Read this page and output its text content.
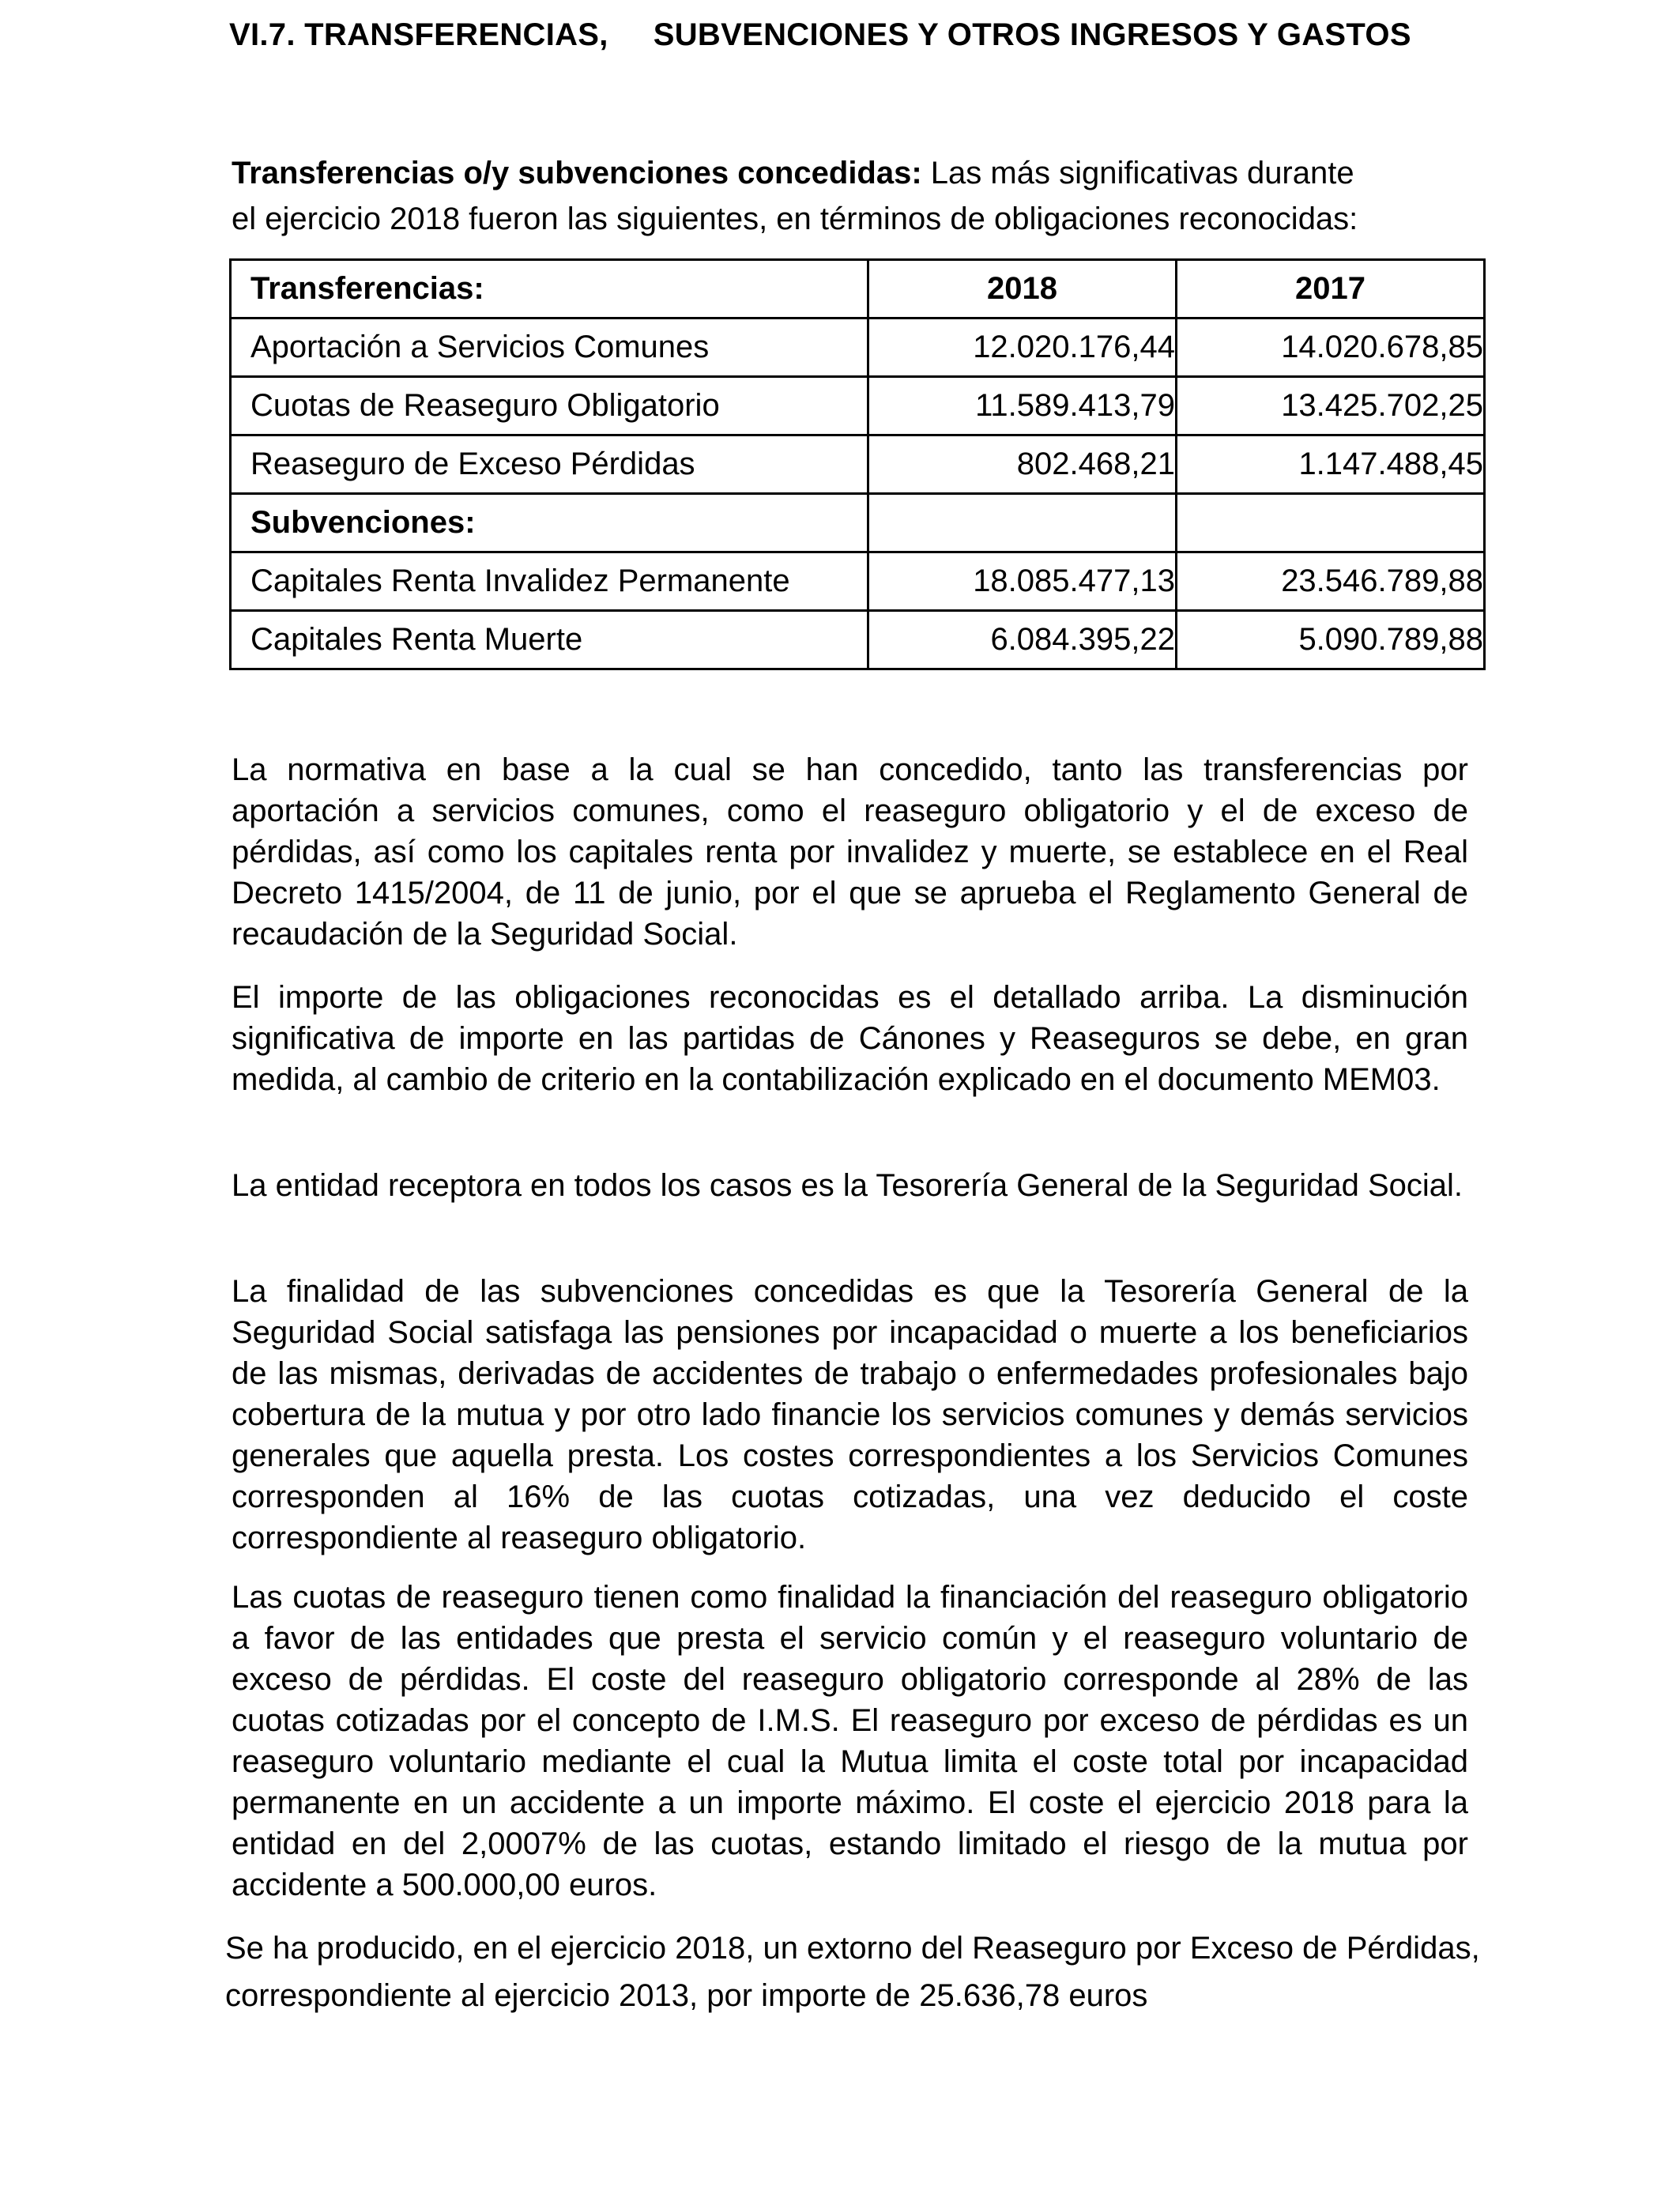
VI.7. TRANSFERENCIAS,     SUBVENCIONES Y OTROS INGRESOS Y GASTOS
Transferencias o/y subvenciones concedidas: Las más significativas durante
el ejercicio 2018 fueron las siguientes, en términos de obligaciones reconocidas:
Transferencias:	2018	2017
Aportación a Servicios Comunes	12.020.176,44	14.020.678,85
Cuotas de Reaseguro Obligatorio	11.589.413,79	13.425.702,25
Reaseguro de Exceso Pérdidas	802.468,21	1.147.488,45
Subvenciones:		
Capitales Renta Invalidez Permanente	18.085.477,13	23.546.789,88
Capitales Renta Muerte	6.084.395,22	5.090.789,88
La normativa en base a la cual se han concedido, tanto las transferencias por aportación a servicios comunes, como el reaseguro obligatorio y el de exceso de pérdidas, así como los capitales renta por invalidez y muerte, se establece en el Real Decreto 1415/2004, de 11 de junio, por el que se aprueba el Reglamento General de recaudación de la Seguridad Social.
El importe de las obligaciones reconocidas es el detallado arriba. La disminución significativa de importe en las partidas de Cánones y Reaseguros se debe, en gran medida, al cambio de criterio en la contabilización explicado en el documento MEM03.
La entidad receptora en todos los casos es la Tesorería General de la Seguridad Social.
La finalidad de las subvenciones concedidas es que la Tesorería General de la Seguridad Social satisfaga las pensiones por incapacidad o muerte a los beneficiarios de las mismas, derivadas de accidentes de trabajo o enfermedades profesionales bajo cobertura de la mutua y por otro lado financie los servicios comunes y demás servicios generales que aquella presta. Los costes correspondientes a los Servicios Comunes corresponden al 16% de las cuotas cotizadas, una vez deducido el coste correspondiente al reaseguro obligatorio.
Las cuotas de reaseguro tienen como finalidad la financiación del reaseguro obligatorio a favor de las entidades que presta el servicio común y el reaseguro voluntario de exceso de pérdidas. El coste del reaseguro obligatorio corresponde al 28% de las cuotas cotizadas por el concepto de I.M.S. El reaseguro por exceso de pérdidas es un reaseguro voluntario mediante el cual la Mutua limita el coste total por incapacidad permanente en un accidente a un importe máximo. El coste el ejercicio 2018 para la entidad en del 2,0007% de las cuotas, estando limitado el riesgo de la mutua por accidente a 500.000,00 euros.
Se ha producido, en el ejercicio 2018, un extorno del Reaseguro por Exceso de Pérdidas, correspondiente al ejercicio 2013, por importe de 25.636,78 euros
